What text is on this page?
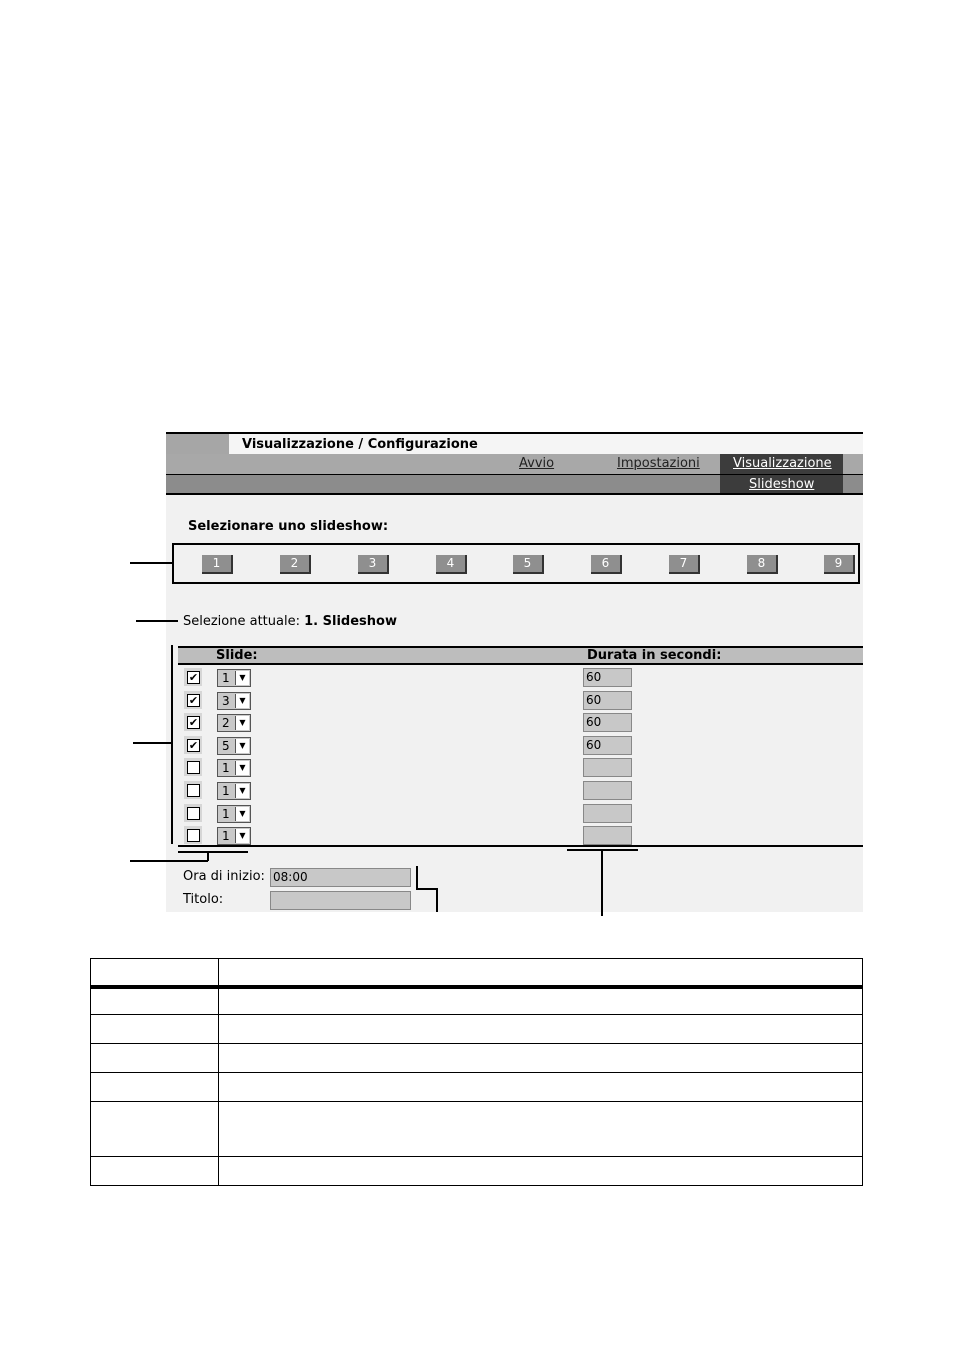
Visualizzazione / Configurazione
Avvio	Impostazioni	Visualizzazione
Slideshow
Selezionare uno slideshow:
1	2	3	4	5	6	7	8	9
Selezione attuale: 1. Slideshow
Slide:	Durata in secondi:
✔ 1	▼	60
✔ 3	▼	60
✔ 2	▼	60
✔ 5	▼	60
1	▼
1	▼
1	▼
1	▼
Ora di inizio: 08:00
Titolo:
